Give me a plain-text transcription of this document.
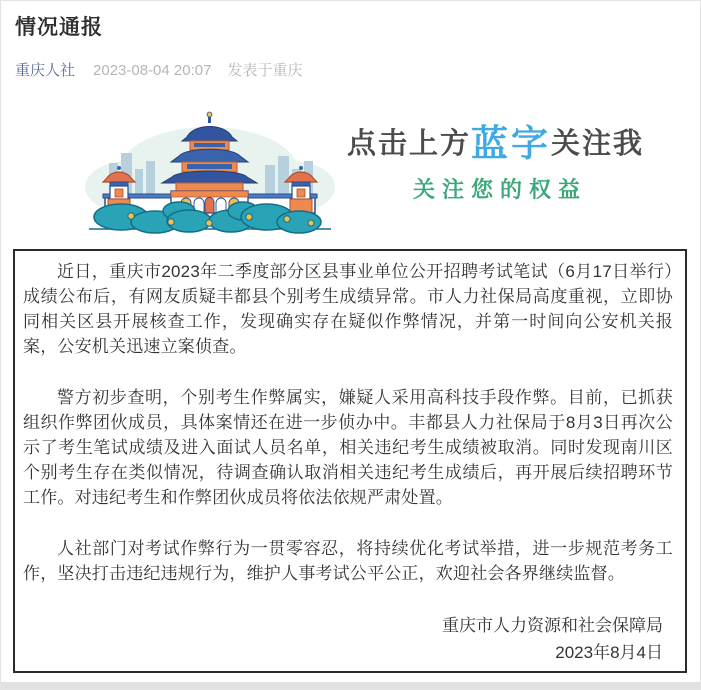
情况通报
重庆人社 2023-08-04 20:07 发表于重庆
点击上方蓝字关注我
关注您的权益

近日，重庆市2023年二季度部分区县事业单位公开招聘考试笔试（6月17日举行）成绩公布后，有网友质疑丰都县个别考生成绩异常。市人力社保局高度重视，立即协同相关区县开展核查工作，发现确实存在疑似作弊情况，并第一时间向公安机关报案，公安机关迅速立案侦查。

警方初步查明，个别考生作弊属实，嫌疑人采用高科技手段作弊。目前，已抓获组织作弊团伙成员，具体案情还在进一步侦办中。丰都县人力社保局于8月3日再次公示了考生笔试成绩及进入面试人员名单，相关违纪考生成绩被取消。同时发现南川区个别考生存在类似情况，待调查确认取消相关违纪考生成绩后，再开展后续招聘环节工作。对违纪考生和作弊团伙成员将依法依规严肃处置。

人社部门对考试作弊行为一贯零容忍，将持续优化考试举措，进一步规范考务工作，坚决打击违纪违规行为，维护人事考试公平公正，欢迎社会各界继续监督。

重庆市人力资源和社会保障局
2023年8月4日
